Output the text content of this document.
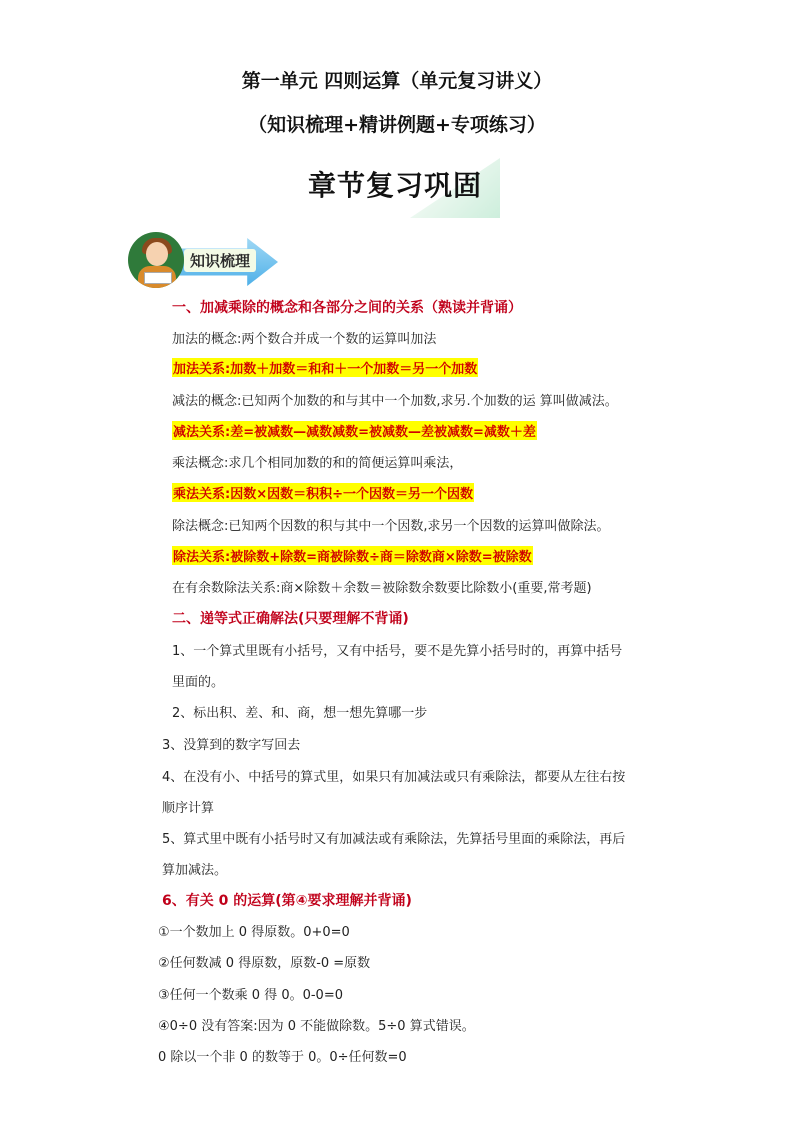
第一单元 四则运算（单元复习讲义）
（知识梳理+精讲例题+专项练习）
章节复习巩固
知识梳理
一、加减乘除的概念和各部分之间的关系（熟读并背诵）
加法的概念:两个数合并成一个数的运算叫加法
加法关系:加数＋加数＝和和＋一个加数＝另一个加数
减法的概念:已知两个加数的和与其中一个加数,求另.个加数的运 算叫做减法。
减法关系:差=被减数—减数减数=被减数—差被减数=减数＋差
乘法概念:求几个相同加数的和的简便运算叫乘法，
乘法关系:因数×因数＝积积÷一个因数＝另一个因数
除法概念:已知两个因数的积与其中一个因数,求另一个因数的运算叫做除法。
除法关系:被除数+除数=商被除数÷商＝除数商×除数=被除数
在有余数除法关系:商×除数＋余数＝被除数余数要比除数小(重要,常考题)
二、递等式正确解法(只要理解不背诵)
1、一个算式里既有小括号，又有中括号，要不是先算小括号时的，再算中括号
里面的。
2、标出积、差、和、商，想一想先算哪一步
3、没算到的数字写回去
4、在没有小、中括号的算式里，如果只有加减法或只有乘除法，都要从左往右按
顺序计算
5、算式里中既有小括号时又有加减法或有乘除法，先算括号里面的乘除法，再后
算加减法。
6、有关 0 的运算(第④要求理解并背诵)
①一个数加上 0 得原数。0+0=0
②任何数减 0 得原数，原数-0 =原数
③任何一个数乘 0 得 0。0-0=0
④0÷0 没有答案:因为 0 不能做除数。5÷0 算式错误。
0 除以一个非 0 的数等于 0。0÷任何数=0
